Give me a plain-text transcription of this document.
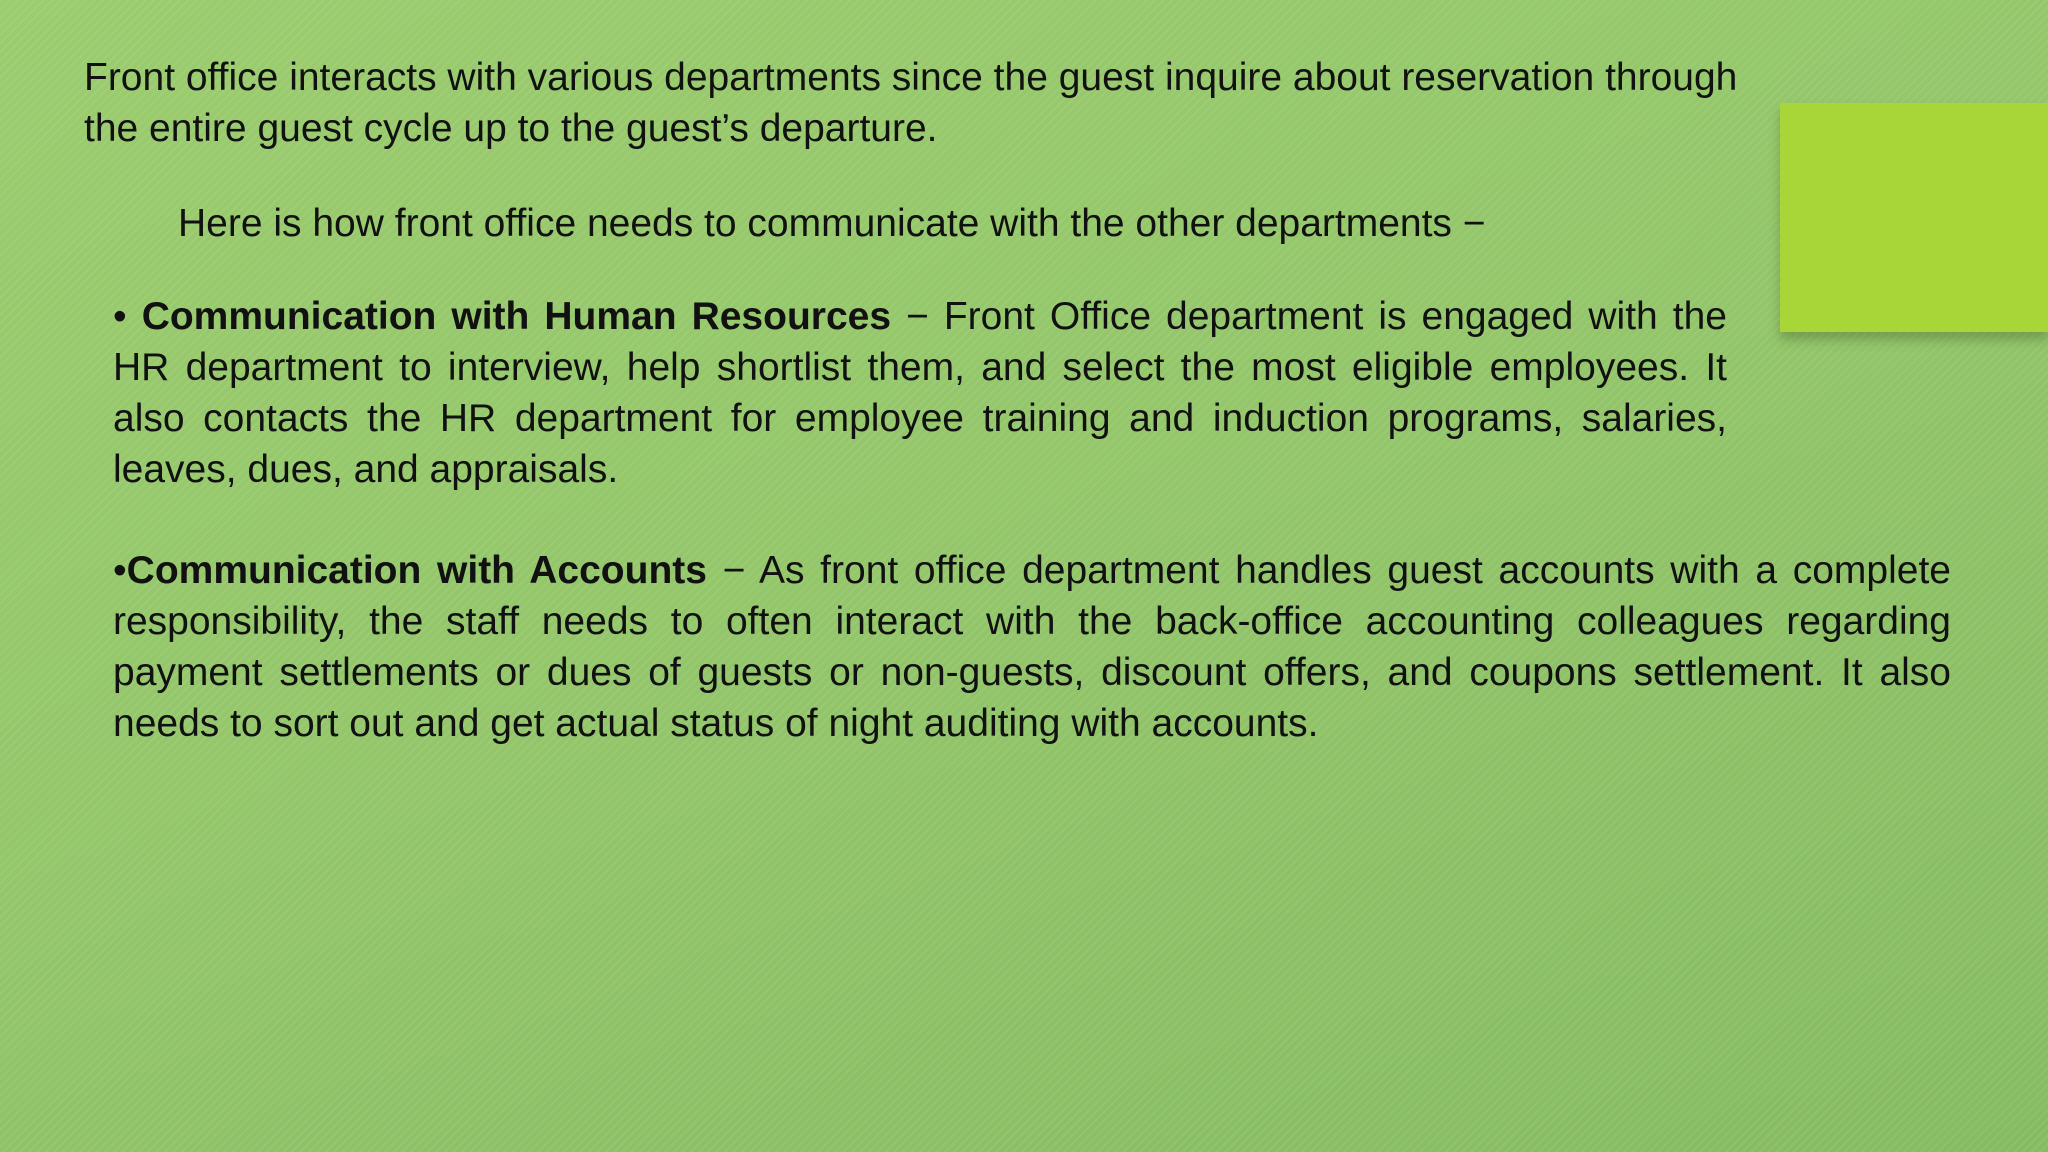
Front office interacts with various departments since the guest inquire about reservation through the entire guest cycle up to the guest’s departure.

Here is how front office needs to communicate with the other departments −

• Communication with Human Resources − Front Office department is engaged with the HR department to interview, help shortlist them, and select the most eligible employees. It also contacts the HR department for employee training and induction programs, salaries, leaves, dues, and appraisals.

•Communication with Accounts − As front office department handles guest accounts with a complete responsibility, the staff needs to often interact with the back-office accounting colleagues regarding payment settlements or dues of guests or non-guests, discount offers, and coupons settlement. It also needs to sort out and get actual status of night auditing with accounts.
